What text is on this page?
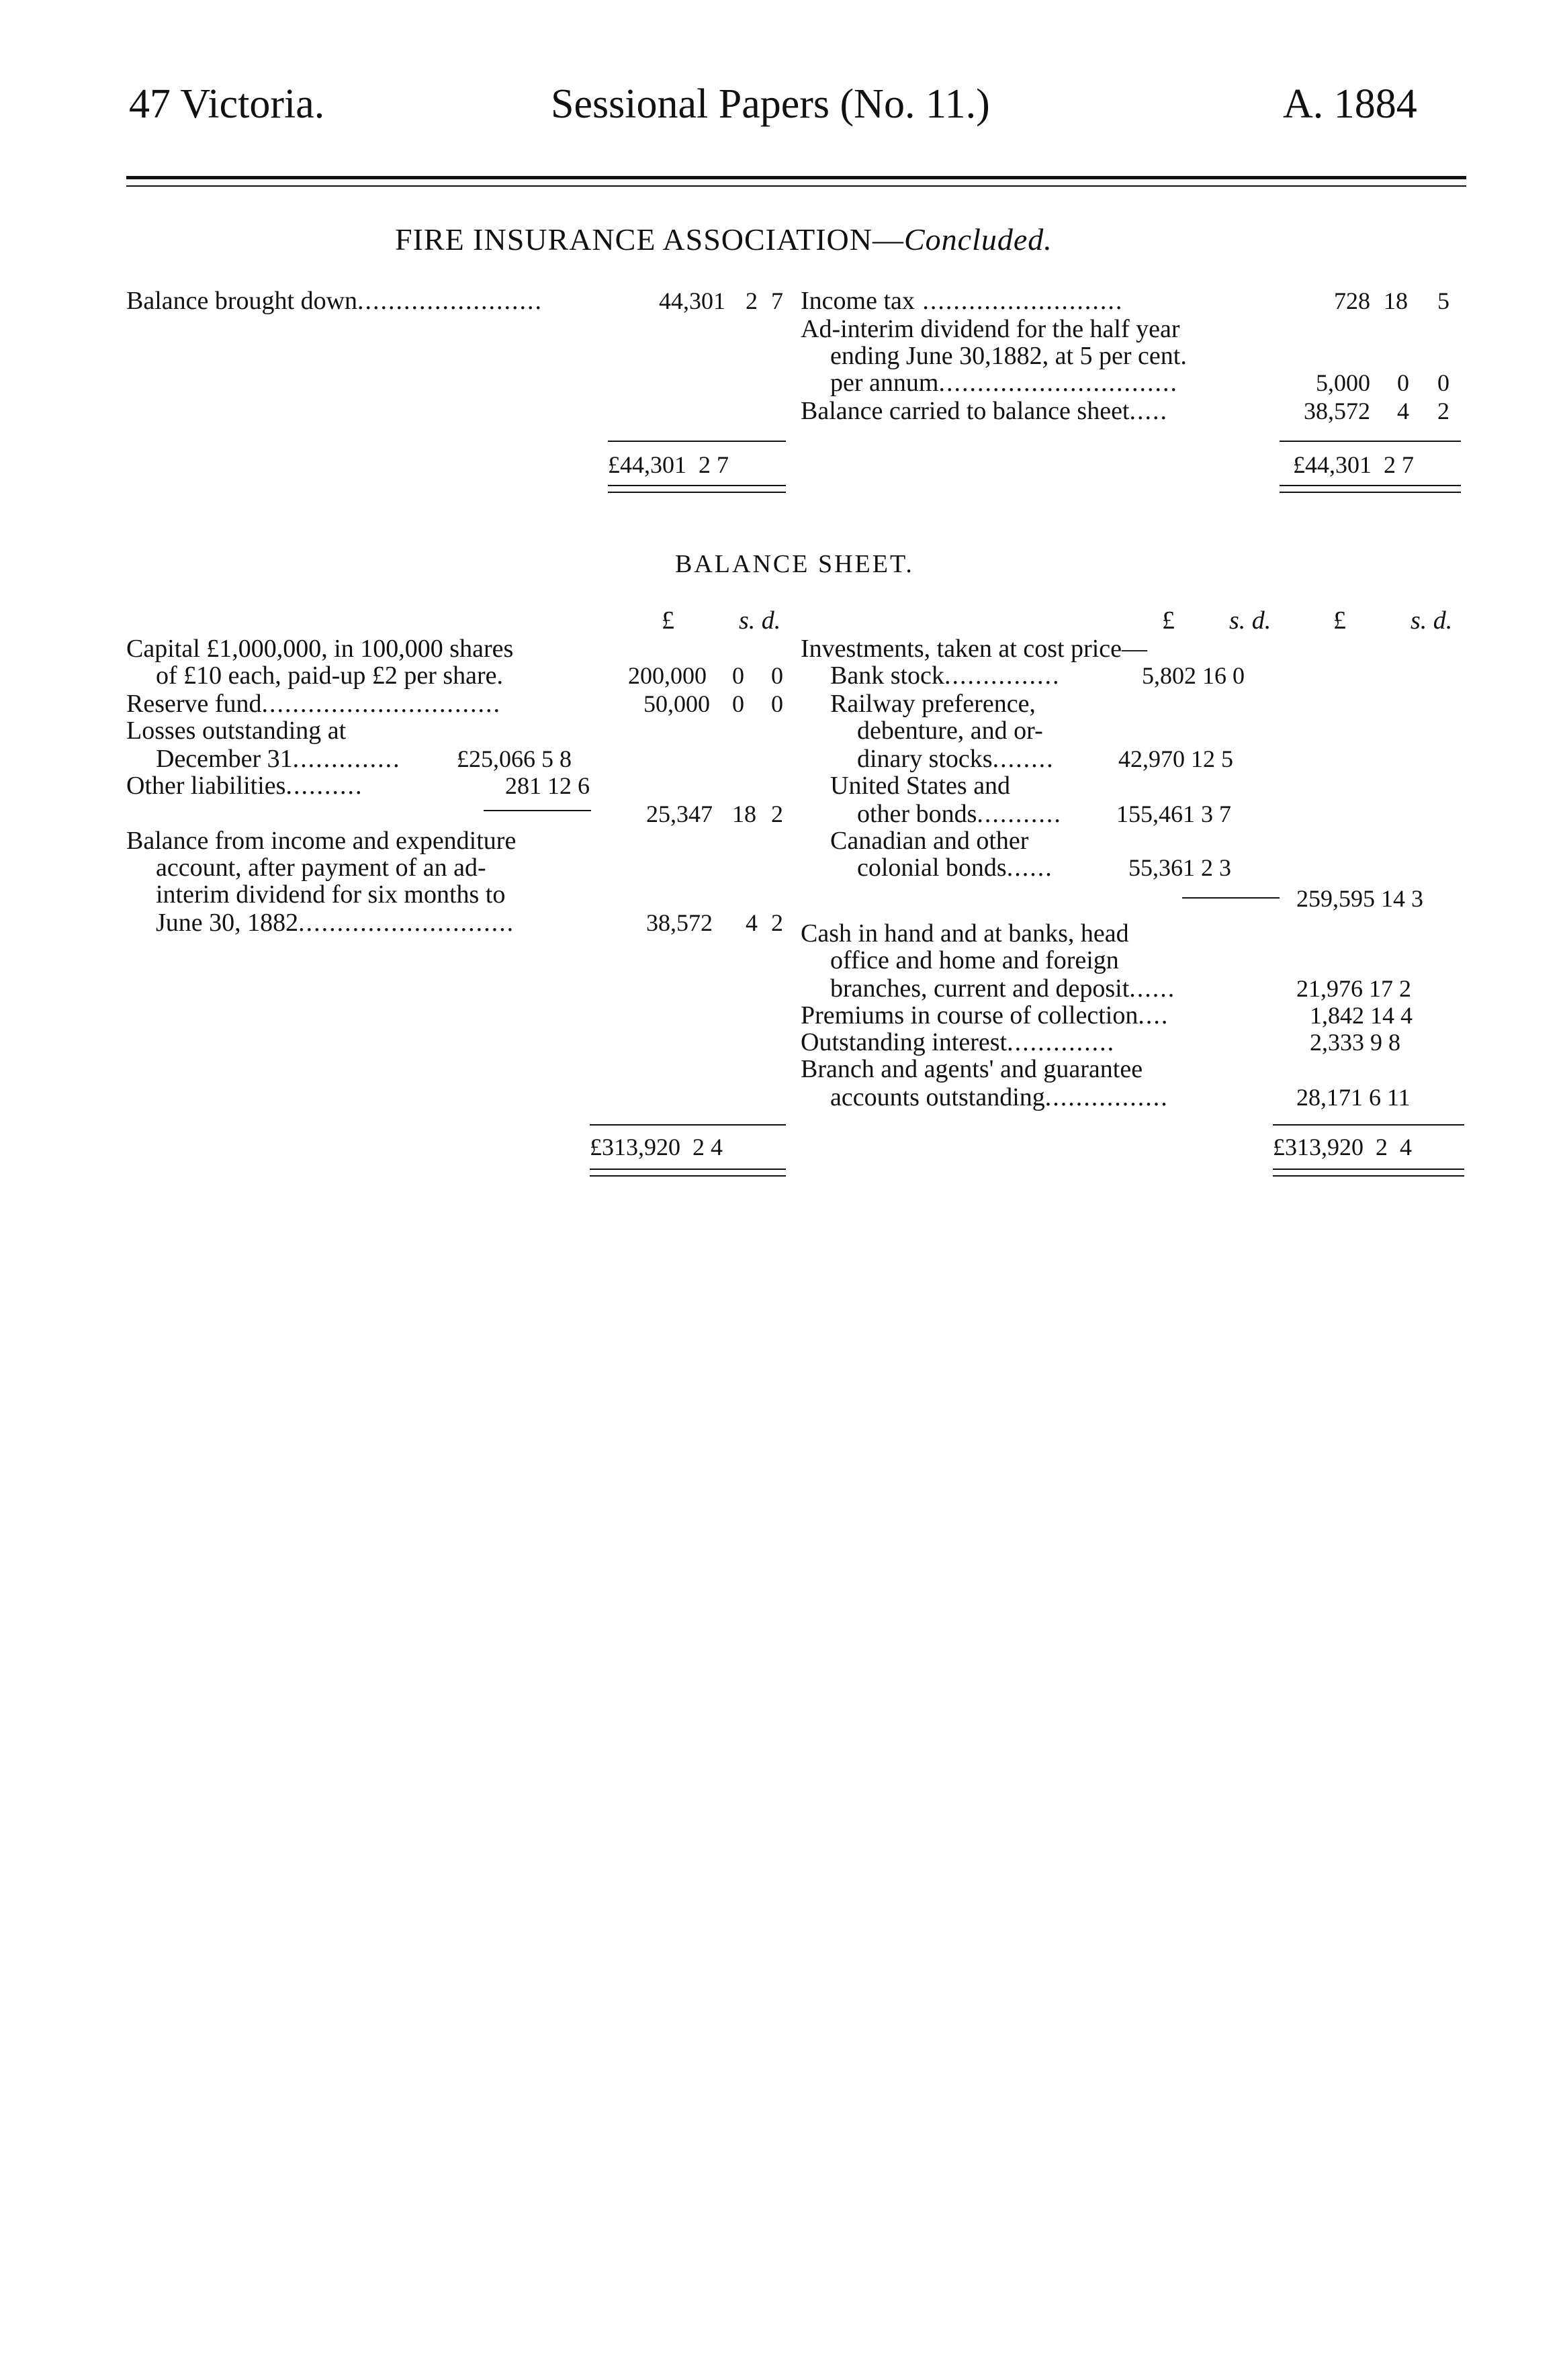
47 Victoria.	Sessional Papers (No. 11.)	A. 1884
FIRE INSURANCE ASSOCIATION—Concluded.
Balance brought down........................	44,301 2 7 Income tax ..........................	728 18 5
Ad-interim dividend for the half year
ending June 30,1882, at 5 per cent.
per annum...............................	5,000 0 0
Balance carried to balance sheet.....	38,572 4 2
£44,301 2 7	£44,301 2 7
BALANCE SHEET.
£	s. d.	£ s. d. £	s. d.
Capital £1,000,000, in 100,000 shares
of £10 each, paid-up £2 per share.	200,000 0 0
Reserve fund...............................	50,000 0 0
Losses outstanding at
December 31.............. £25,066 5 8
Other liabilities..........	281 12 6
25,347 18 2
Balance from income and expenditure
account, after payment of an ad-
interim dividend for six months to
June 30, 1882............................	38,572 4 2
Investments, taken at cost price—
Bank stock...............	5,802 16 0
Railway preference,
debenture, and or-
dinary stocks........	42,970 12 5
United States and
other bonds........... 155,461 3 7
Canadian and other
colonial bonds......	55,361 2 3
259,595 14 3
Cash in hand and at banks, head
office and home and foreign
branches, current and deposit......	21,976 17 2
Premiums in course of collection....	1,842 14 4
Outstanding interest..............	2,333 9 8
Branch and agents' and guarantee
accounts outstanding................	28,171 6 11
£313,920 2 4	£313,920 2 4
